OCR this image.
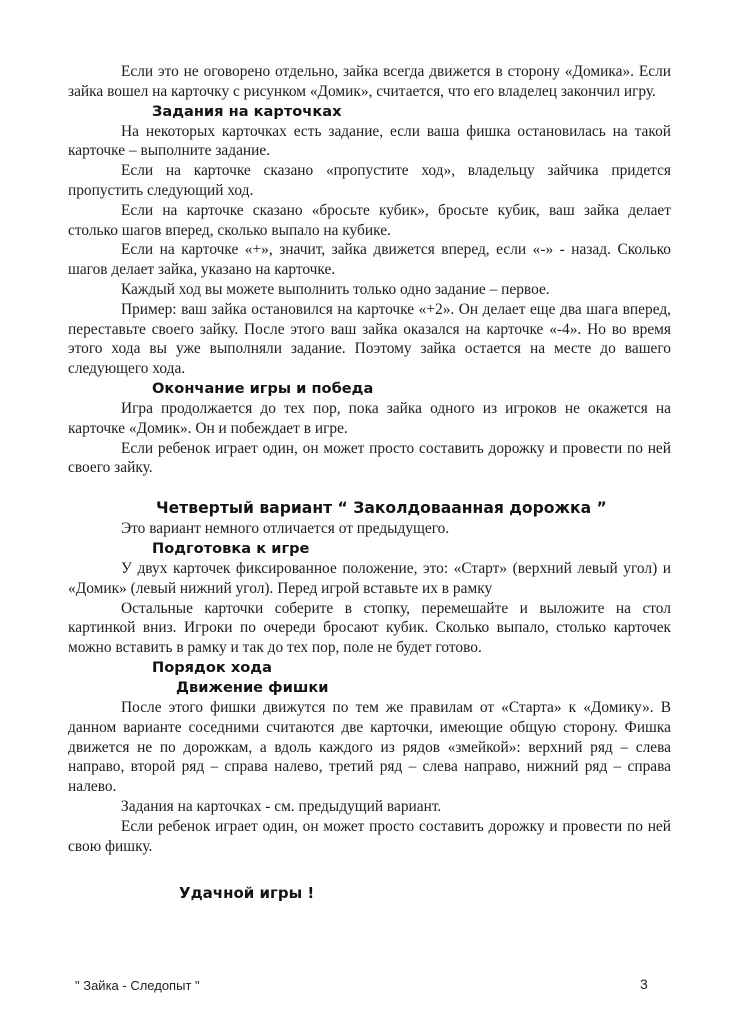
Если это не оговорено отдельно, зайка всегда движется в сторону «Домика». Если зайка вошел на карточку с рисунком «Домик», считается, что его владелец закончил игру.

Задания на карточках

На некоторых карточках есть задание, если ваша фишка остановилась на такой карточке – выполните задание.

Если на карточке сказано «пропустите ход», владельцу зайчика придется пропустить следующий ход.

Если на карточке сказано «бросьте кубик», бросьте кубик, ваш зайка делает столько шагов вперед, сколько выпало на кубике.

Если на карточке «+», значит, зайка движется вперед, если «-» - назад. Сколько шагов делает зайка, указано на карточке.

Каждый ход вы можете выполнить только одно задание – первое.

Пример: ваш зайка остановился на карточке «+2». Он делает еще два шага вперед, переставьте своего зайку. После этого ваш зайка оказался на карточке «-4». Но во время этого хода вы уже выполняли задание. Поэтому зайка остается на месте до вашего следующего хода.

Окончание игры и победа

Игра продолжается до тех пор, пока зайка одного из игроков не окажется на карточке «Домик». Он и побеждает в игре.

Если ребенок играет один, он может просто составить дорожку и провести по ней своего зайку.

Четвертый вариант “ Заколдоваанная дорожка ”

Это вариант немного отличается от предыдущего.

Подготовка к игре

У двух карточек фиксированное положение, это: «Старт» (верхний левый угол) и «Домик» (левый нижний угол). Перед игрой вставьте их в рамку

Остальные карточки соберите в стопку, перемешайте и выложите на стол картинкой вниз. Игроки по очереди бросают кубик. Сколько выпало, столько карточек можно вставить в рамку и так до тех пор, поле не будет готово.

Порядок хода
Движение фишки

После этого фишки движутся по тем же правилам от «Старта» к «Домику». В данном варианте соседними считаются две карточки, имеющие общую сторону. Фишка движется не по дорожкам, а вдоль каждого из рядов «змейкой»: верхний ряд – слева направо, второй ряд – справа налево, третий ряд – слева направо, нижний ряд – справа налево.

Задания на карточках - см. предыдущий вариант.

Если ребенок играет один, он может просто составить дорожку и провести по ней свою фишку.

Удачной игры !
" Зайка - Следопыт "	3
